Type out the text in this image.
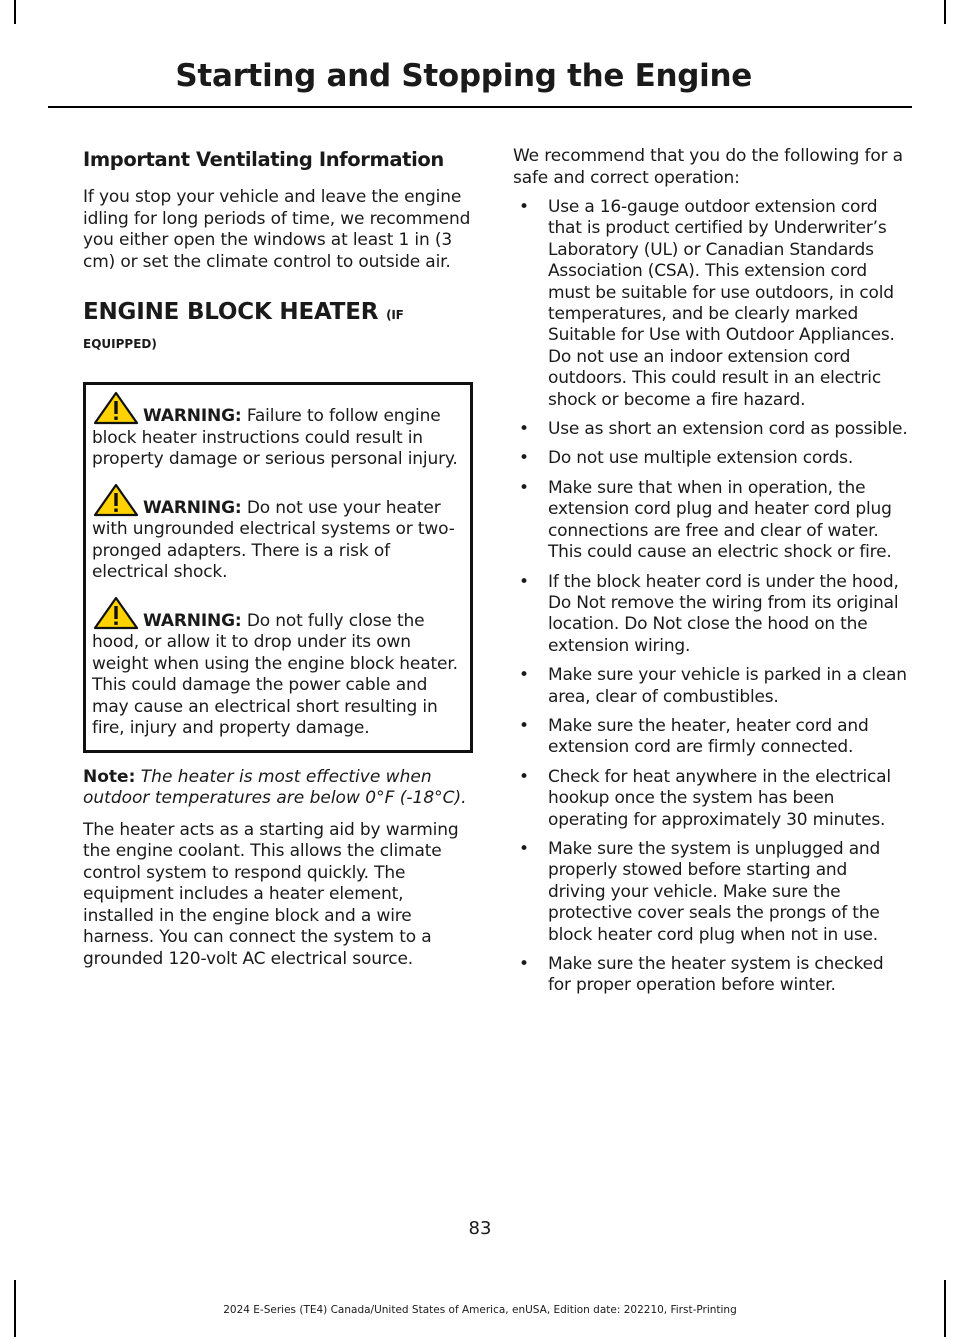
Starting and Stopping the Engine
Important Ventilating Information

If you stop your vehicle and leave the engine idling for long periods of time, we recommend you either open the windows at least 1 in (3 cm) or set the climate control to outside air.

ENGINE BLOCK HEATER (IF
EQUIPPED)

WARNING: Failure to follow engine block heater instructions could result in property damage or serious personal injury.

WARNING: Do not use your heater with ungrounded electrical systems or two-pronged adapters. There is a risk of electrical shock.

WARNING: Do not fully close the hood, or allow it to drop under its own weight when using the engine block heater. This could damage the power cable and may cause an electrical short resulting in fire, injury and property damage.

Note: The heater is most effective when outdoor temperatures are below 0°F (-18°C).

The heater acts as a starting aid by warming the engine coolant. This allows the climate control system to respond quickly. The equipment includes a heater element, installed in the engine block and a wire harness. You can connect the system to a grounded 120-volt AC electrical source.

We recommend that you do the following for a safe and correct operation:

• Use a 16-gauge outdoor extension cord that is product certified by Underwriter’s Laboratory (UL) or Canadian Standards Association (CSA). This extension cord must be suitable for use outdoors, in cold temperatures, and be clearly marked Suitable for Use with Outdoor Appliances. Do not use an indoor extension cord outdoors. This could result in an electric shock or become a fire hazard.
• Use as short an extension cord as possible.
• Do not use multiple extension cords.
• Make sure that when in operation, the extension cord plug and heater cord plug connections are free and clear of water. This could cause an electric shock or fire.
• If the block heater cord is under the hood, Do Not remove the wiring from its original location. Do Not close the hood on the extension wiring.
• Make sure your vehicle is parked in a clean area, clear of combustibles.
• Make sure the heater, heater cord and extension cord are firmly connected.
• Check for heat anywhere in the electrical hookup once the system has been operating for approximately 30 minutes.
• Make sure the system is unplugged and properly stowed before starting and driving your vehicle. Make sure the protective cover seals the prongs of the block heater cord plug when not in use.
• Make sure the heater system is checked for proper operation before winter.
83
2024 E-Series (TE4) Canada/United States of America, enUSA, Edition date: 202210, First-Printing
